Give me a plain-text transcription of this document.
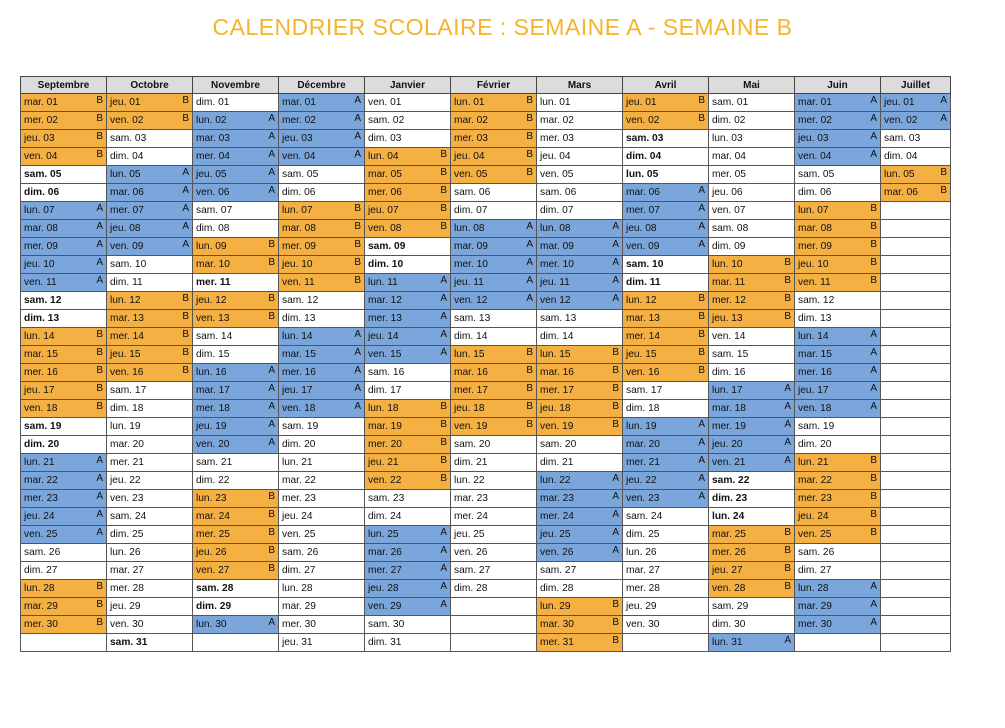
CALENDRIER SCOLAIRE : SEMAINE A - SEMAINE B
Septembre	Octobre	Novembre	Décembre	Janvier	Février	Mars	Avril	Mai	Juin	Juillet
mar. 01 B	jeu. 01 B	dim. 01	mar. 01 A	ven. 01	lun. 01 B	lun. 01	jeu. 01 B	sam. 01	mar. 01 A	jeu. 01 A

mer. 02 B	ven. 02 B	lun. 02 A	mer. 02 A	sam. 02	mar. 02 B	mar. 02	ven. 02 B	dim. 02	mer. 02 A	ven. 02 A

jeu. 03 B	sam. 03	mar. 03 A	jeu. 03 A	dim. 03	mer. 03 B	mer. 03	sam. 03	lun. 03	jeu. 03 A	sam. 03
ven. 04 B	dim. 04	mer. 04 A	ven. 04 A	lun. 04 B	jeu. 04 B	jeu. 04	dim. 04	mar. 04	ven. 04 A	dim. 04
sam. 05	lun. 05 A	jeu. 05 A	sam. 05	mar. 05 B	ven. 05 B	ven. 05	lun. 05	mer. 05	sam. 05	lun. 05 B

dim. 06	mar. 06 A	ven. 06 A	dim. 06	mer. 06 B	sam. 06	sam. 06	mar. 06 A	jeu. 06	dim. 06	mar. 06 B

lun. 07 A	mer. 07 A	sam. 07	lun. 07 B	jeu. 07 B	dim. 07	dim. 07	mer. 07 A	ven. 07	lun. 07 B	

mar. 08 A	jeu. 08 A	dim. 08	mar. 08 B	ven. 08 B	lun. 08 A	lun. 08 A	jeu. 08 A	sam. 08	mar. 08 B	

mer. 09 A	ven. 09 A	lun. 09 B	mer. 09 B	sam. 09	mar. 09 A	mar. 09 A	ven. 09 A	dim. 09	mer. 09 B	

jeu. 10 A	sam. 10	mar. 10 B	jeu. 10 B	dim. 10	mer. 10 A	mer. 10 A	sam. 10	lun. 10 B	jeu. 10 B	

ven. 11 A	dim. 11	mer. 11	ven. 11 B	lun. 11 A	jeu. 11 A	jeu. 11 A	dim. 11	mar. 11 B	ven. 11 B	

sam. 12	lun. 12 B	jeu. 12 B	sam. 12	mar. 12 A	ven. 12 A	ven 12 A	lun. 12 B	mer. 12 B	sam. 12	
dim. 13	mar. 13 B	ven. 13 B	dim. 13	mer. 13 A	sam. 13	sam. 13	mar. 13 B	jeu. 13 B	dim. 13	
lun. 14 B	mer. 14 B	sam. 14	lun. 14 A	jeu. 14 A	dim. 14	dim. 14	mer. 14 B	ven. 14	lun. 14 A	

mar. 15 B	jeu. 15 B	dim. 15	mar. 15 A	ven. 15 A	lun. 15 B	lun. 15 B	jeu. 15 B	sam. 15	mar. 15 A	

mer. 16 B	ven. 16 B	lun. 16 A	mer. 16 A	sam. 16	mar. 16 B	mar. 16 B	ven. 16 B	dim. 16	mer. 16 A	

jeu. 17 B	sam. 17	mar. 17 A	jeu. 17 A	dim. 17	mer. 17 B	mer. 17 B	sam. 17	lun. 17 A	jeu. 17 A	

ven. 18 B	dim. 18	mer. 18 A	ven. 18 A	lun. 18 B	jeu. 18 B	jeu. 18 B	dim. 18	mar. 18 A	ven. 18 A	

sam. 19	lun. 19	jeu. 19 A	sam. 19	mar. 19 B	ven. 19 B	ven. 19 B	lun. 19 A	mer. 19 A	sam. 19	
dim. 20	mar. 20	ven. 20 A	dim. 20	mer. 20 B	sam. 20	sam. 20	mar. 20 A	jeu. 20 A	dim. 20	
lun. 21 A	mer. 21	sam. 21	lun. 21	jeu. 21 B	dim. 21	dim. 21	mer. 21 A	ven. 21 A	lun. 21 B	

mar. 22 A	jeu. 22	dim. 22	mar. 22	ven. 22 B	lun. 22	lun. 22 A	jeu. 22 A	sam. 22	mar. 22 B	

mer. 23 A	ven. 23	lun. 23 B	mer. 23	sam. 23	mar. 23	mar. 23 A	ven. 23 A	dim. 23	mer. 23 B	

jeu. 24 A	sam. 24	mar. 24 B	jeu. 24	dim. 24	mer. 24	mer. 24 A	sam. 24	lun. 24	jeu. 24 B	

ven. 25 A	dim. 25	mer. 25 B	ven. 25	lun. 25 A	jeu. 25	jeu. 25 A	dim. 25	mar. 25 B	ven. 25 B	

sam. 26	lun. 26	jeu. 26 B	sam. 26	mar. 26 A	ven. 26	ven. 26 A	lun. 26	mer. 26 B	sam. 26	
dim. 27	mar. 27	ven. 27 B	dim. 27	mer. 27 A	sam. 27	sam. 27	mar. 27	jeu. 27 B	dim. 27	
lun. 28 B	mer. 28	sam. 28	lun. 28	jeu. 28 A	dim. 28	dim. 28	mer. 28	ven. 28 B	lun. 28 A	

mar. 29 B	jeu. 29	dim. 29	mar. 29	ven. 29 A		lun. 29 B	jeu. 29	sam. 29	mar. 29 A	

mer. 30 B	ven. 30	lun. 30 A	mer. 30	sam. 30		mar. 30 B	ven. 30	dim. 30	mer. 30 A	

	sam. 31		jeu. 31	dim. 31		mer. 31 B		lun. 31 A		
